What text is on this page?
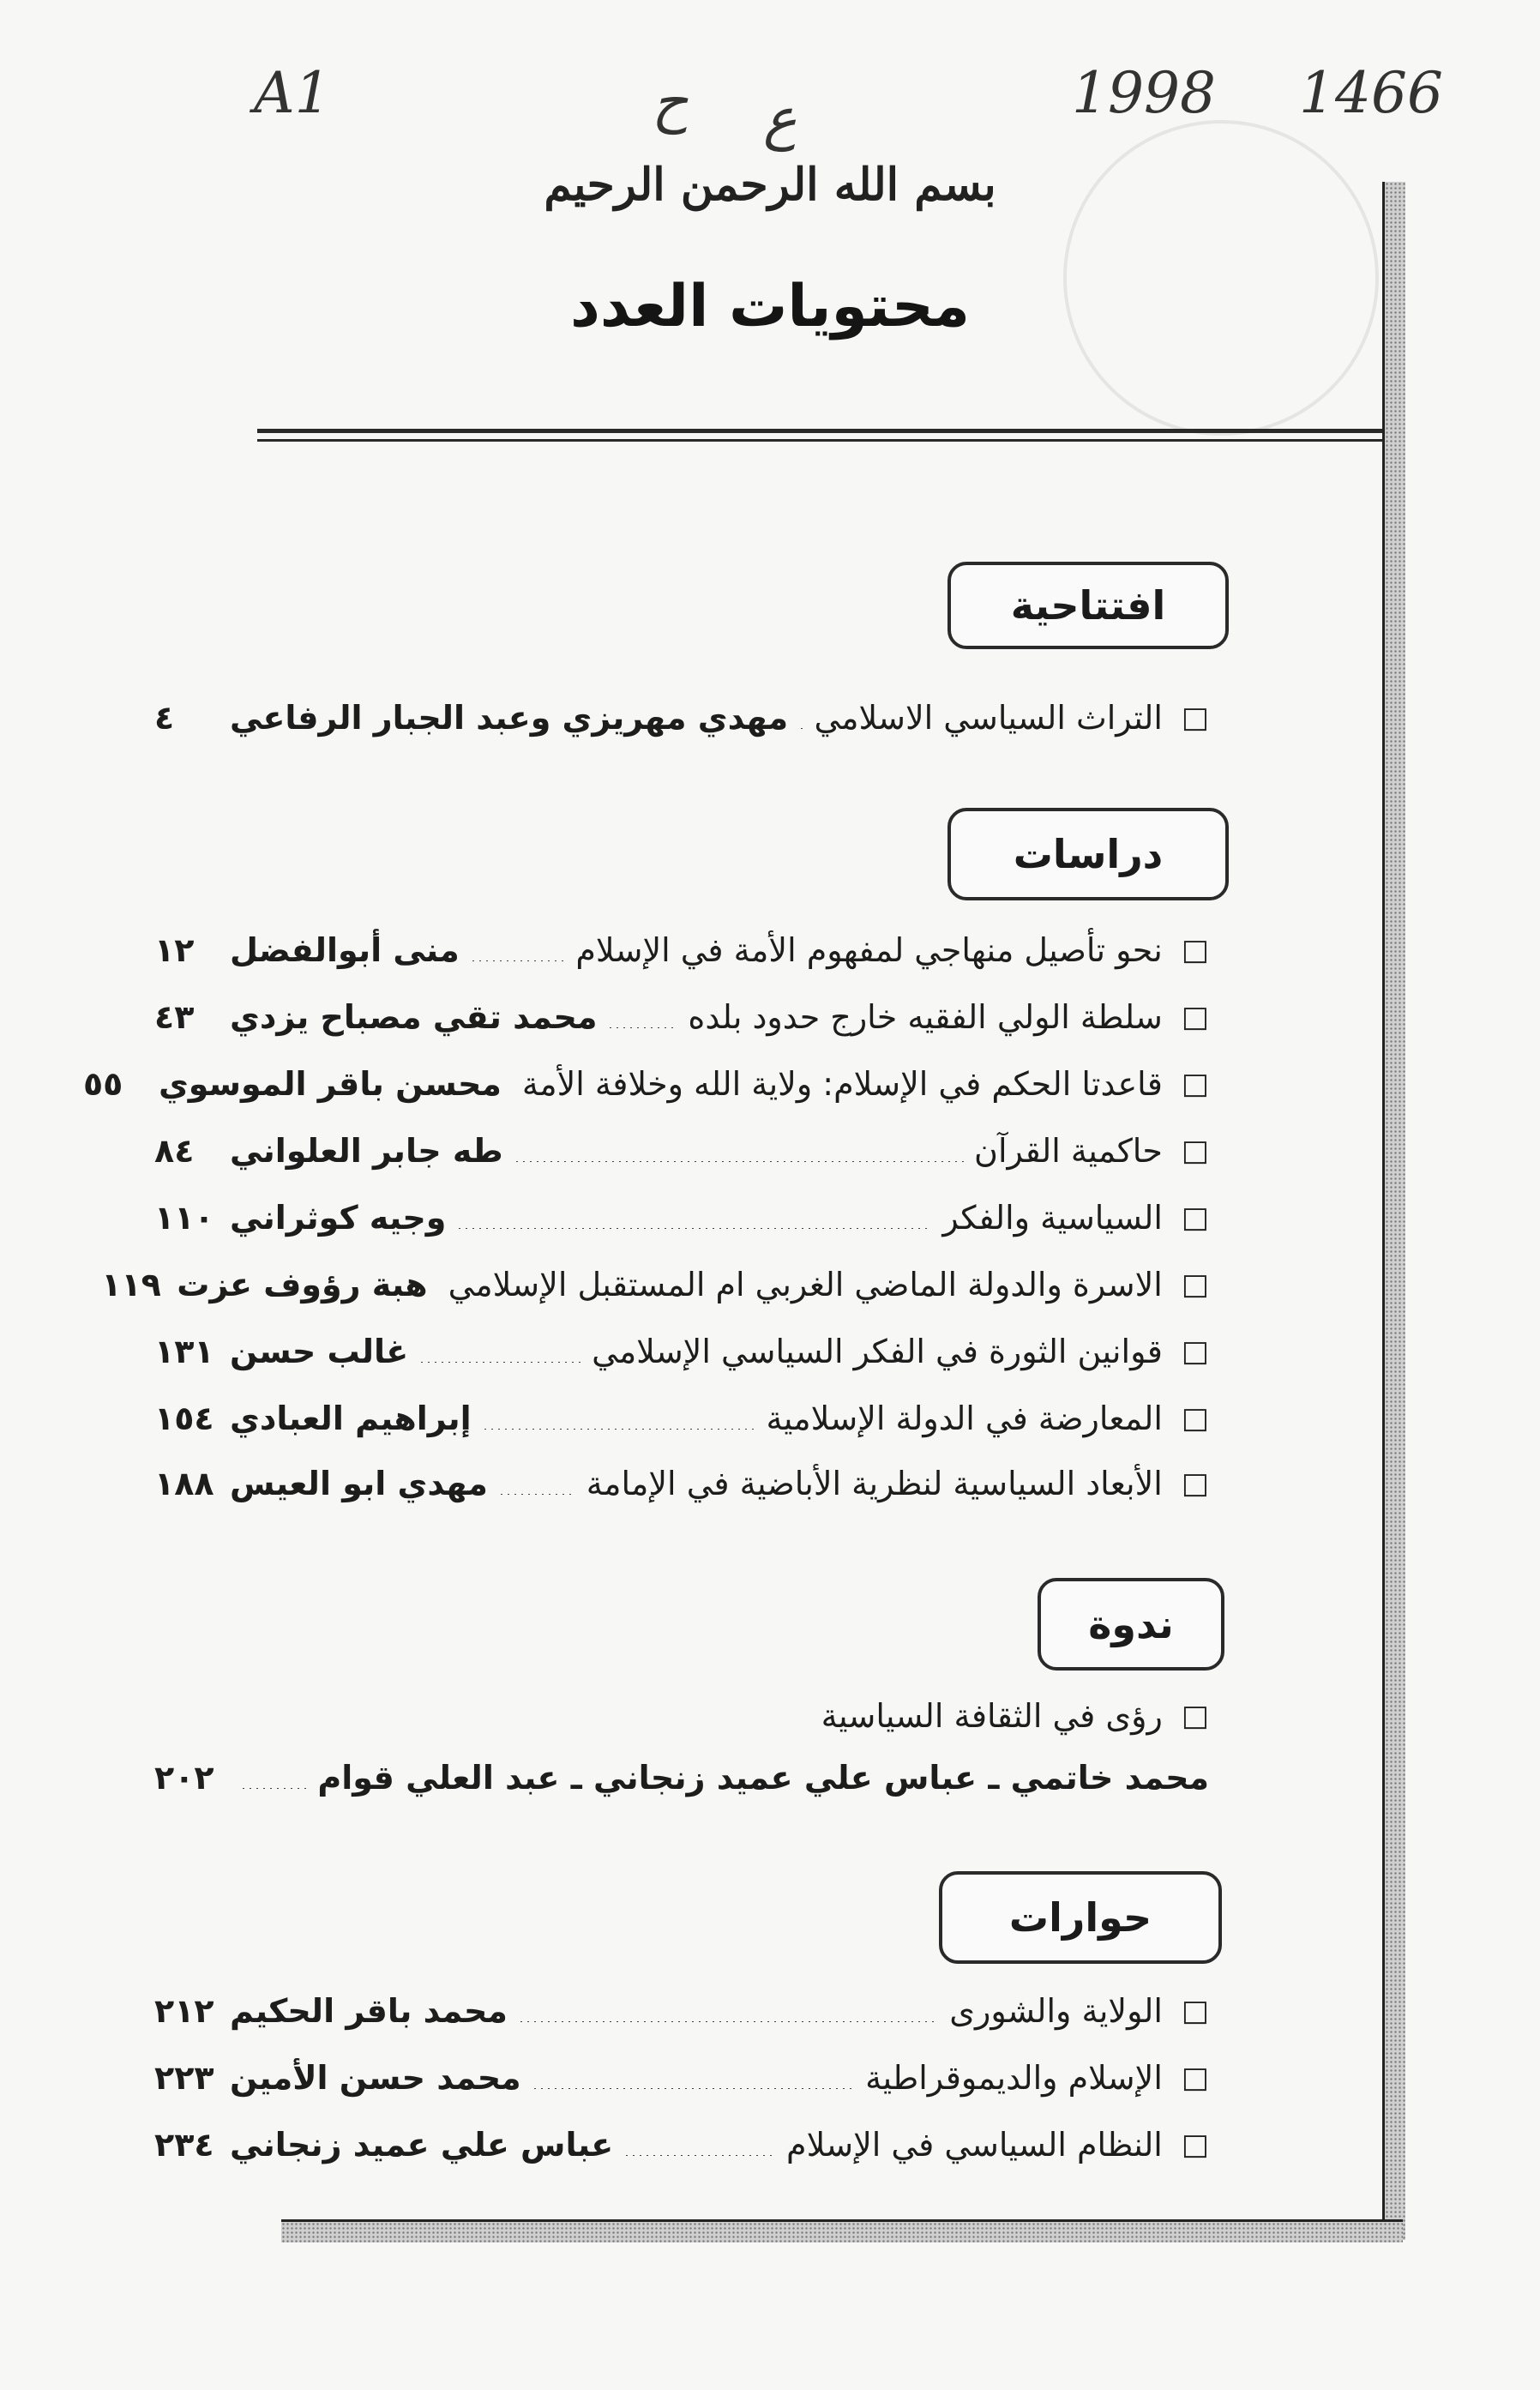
A1	ح ع	1998 1466
بسم الله الرحمن الرحيم
محتويات العدد
افتتاحية
□
التراث السياسي الاسلامي
مهدي مهريزي وعبد الجبار الرفاعي
٤
دراسات
□
نحو تأصيل منهاجي لمفهوم الأمة في الإسلام
منى أبوالفضل
١٢
□
سلطة الولي الفقيه خارج حدود بلده
محمد تقي مصباح يزدي
٤٣
□
قاعدتا الحكم في الإسلام: ولاية الله وخلافة الأمة
محسن باقر الموسوي
٥٥
□
حاكمية القرآن
طه جابر العلواني
٨٤
□
السياسية والفكر
وجيه كوثراني
١١٠
□
الاسرة والدولة الماضي الغربي ام المستقبل الإسلامي
هبة رؤوف عزت
١١٩
□
قوانين الثورة في الفكر السياسي الإسلامي
غالب حسن
١٣١
□
المعارضة في الدولة الإسلامية
إبراهيم العبادي
١٥٤
□
الأبعاد السياسية لنظرية الأباضية في الإمامة
مهدي ابو العيس
١٨٨
ندوة
□
رؤى في الثقافة السياسية
محمد خاتمي ـ عباس علي عميد زنجاني ـ عبد العلي قوام
٢٠٢
حوارات
□
الولاية والشورى
محمد باقر الحكيم
٢١٢
□
الإسلام والديموقراطية
محمد حسن الأمين
٢٢٣
□
النظام السياسي في الإسلام
عباس علي عميد زنجاني
٢٣٤
